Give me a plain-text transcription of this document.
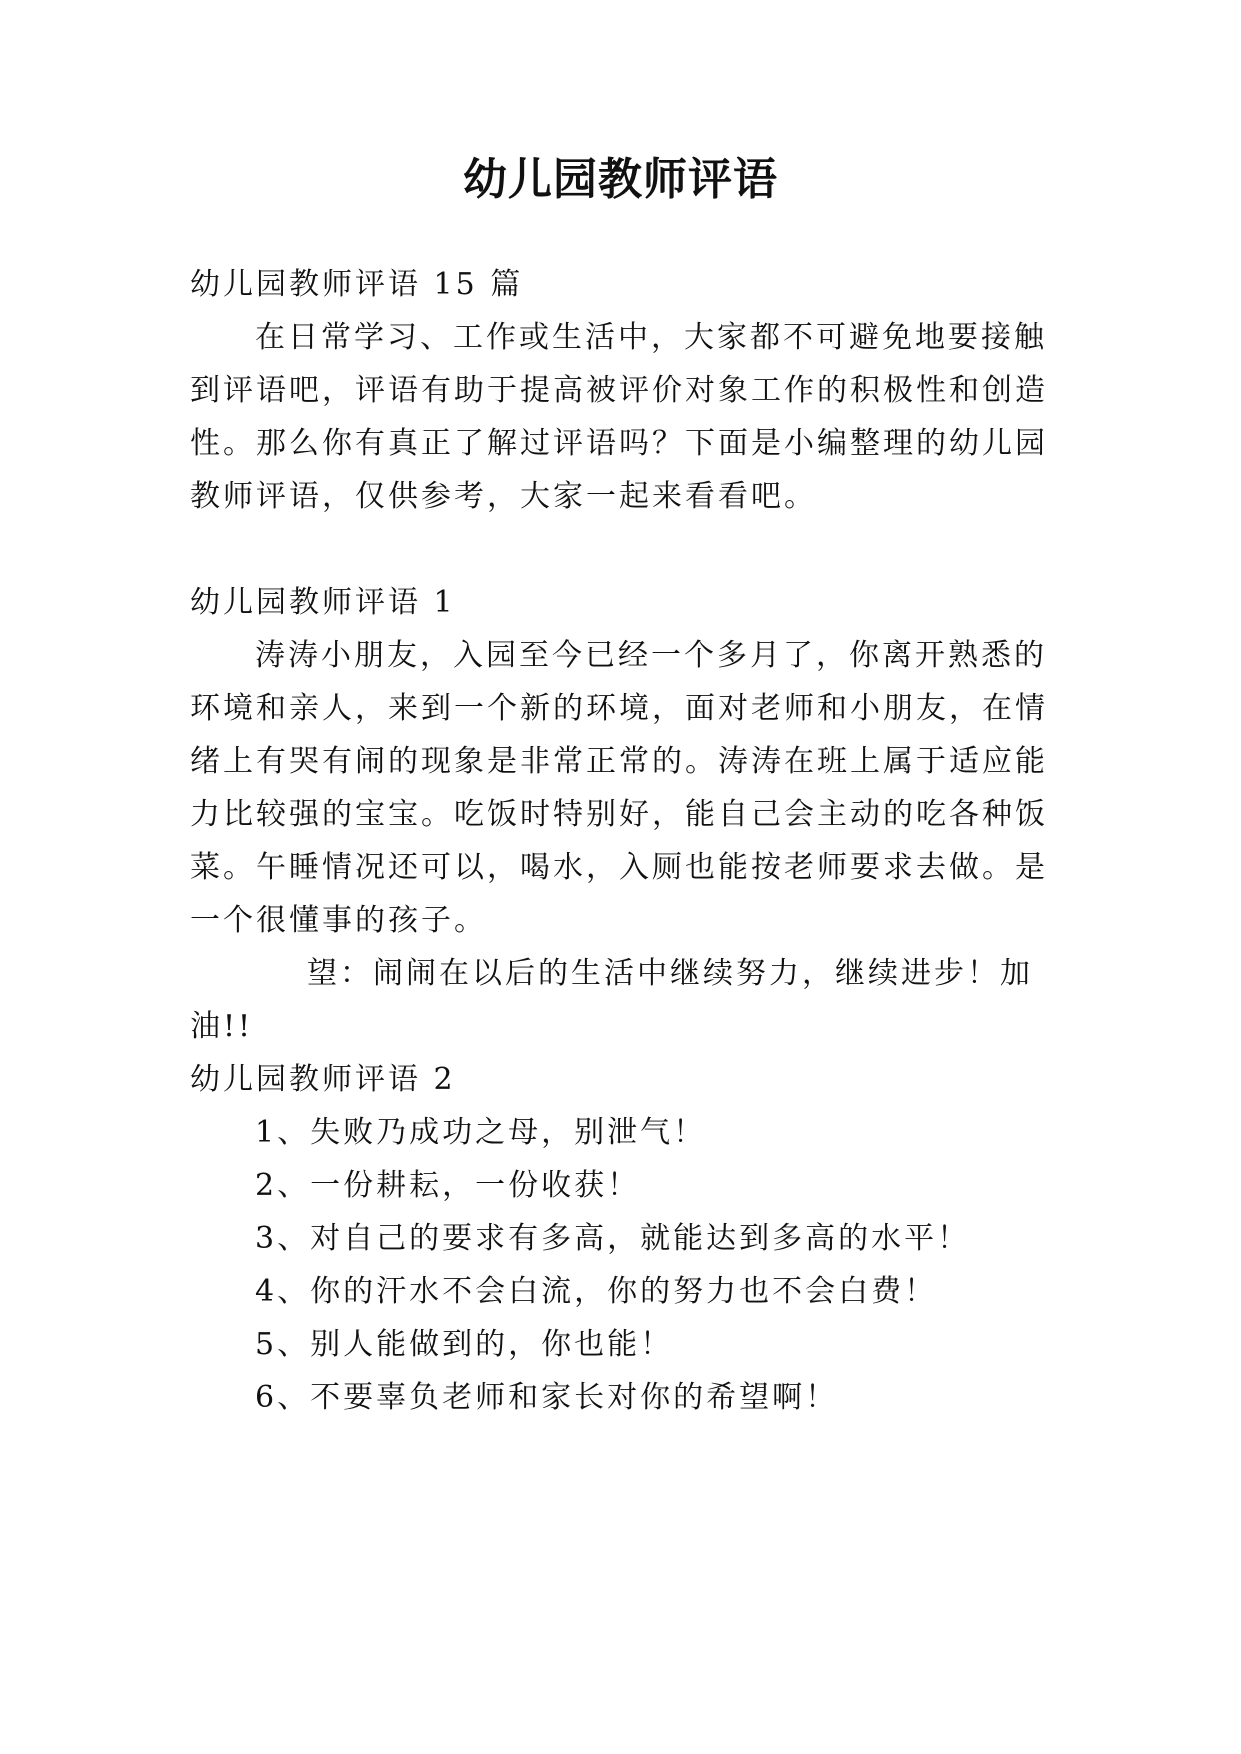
幼儿园教师评语
幼儿园教师评语 15 篇
在日常学习、工作或生活中，大家都不可避免地要接触
到评语吧，评语有助于提高被评价对象工作的积极性和创造
性。那么你有真正了解过评语吗？下面是小编整理的幼儿园
教师评语，仅供参考，大家一起来看看吧。
幼儿园教师评语 1
涛涛小朋友，入园至今已经一个多月了，你离开熟悉的
环境和亲人，来到一个新的环境，面对老师和小朋友，在情
绪上有哭有闹的现象是非常正常的。涛涛在班上属于适应能
力比较强的宝宝。吃饭时特别好，能自己会主动的吃各种饭
菜。午睡情况还可以，喝水，入厕也能按老师要求去做。是
一个很懂事的孩子。
望：闹闹在以后的生活中继续努力，继续进步！加
油!!
幼儿园教师评语 2
1、失败乃成功之母，别泄气！
2、一份耕耘，一份收获！
3、对自己的要求有多高，就能达到多高的水平！
4、你的汗水不会白流，你的努力也不会白费！
5、别人能做到的，你也能！
6、不要辜负老师和家长对你的希望啊！
